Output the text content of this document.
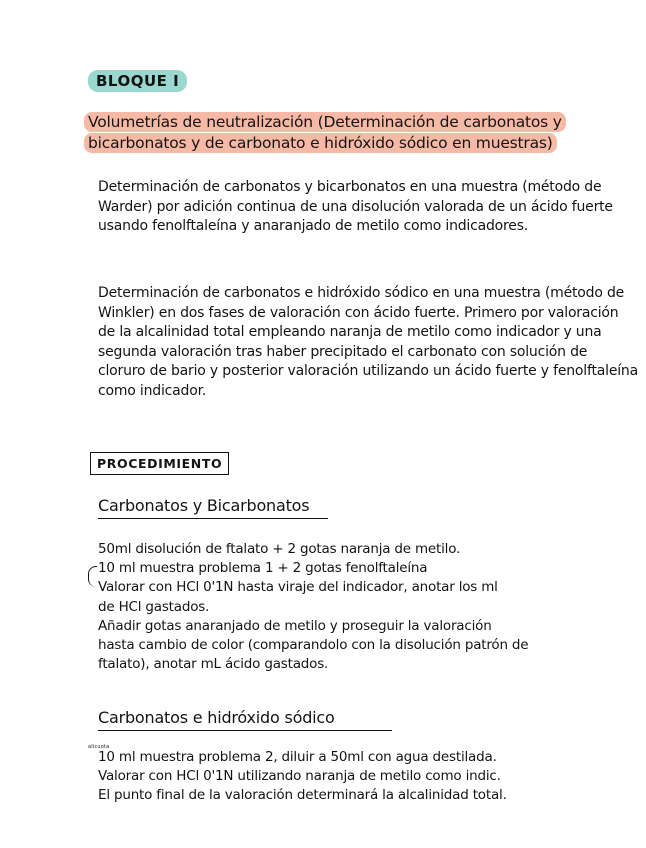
BLOQUE I
Volumetrías de neutralización (Determinación de carbonatos y bicarbonatos y de carbonato e hidróxido sódico en muestras)
Determinación de carbonatos y bicarbonatos en una muestra (método de Warder) por adición continua de una disolución valorada de un ácido fuerte usando fenolftaleína y anaranjado de metilo como indicadores.
Determinación de carbonatos e hidróxido sódico en una muestra (método de Winkler) en dos fases de valoración con ácido fuerte. Primero por valoración de la alcalinidad total empleando naranja de metilo como indicador y una segunda valoración tras haber precipitado el carbonato con solución de cloruro de bario y posterior valoración utilizando un ácido fuerte y fenolftaleína como indicador.
PROCEDIMIENTO
Carbonatos y Bicarbonatos
50ml disolución de ftalato + 2 gotas naranja de metilo.
10 ml muestra problema 1 + 2 gotas fenolftaleína
Valorar con HCl 0'1N hasta viraje del indicador, anotar los ml
de HCl gastados.
Añadir gotas anaranjado de metilo y proseguir la valoración
hasta cambio de color (comparandolo con la disolución patrón de
ftalato), anotar mL ácido gastados.
Carbonatos e hidróxido sódico
alícuota
10 ml muestra problema 2, diluir a 50ml con agua destilada.
Valorar con HCl 0'1N utilizando naranja de metilo como indic.
El punto final de la valoración determinará la alcalinidad total.
